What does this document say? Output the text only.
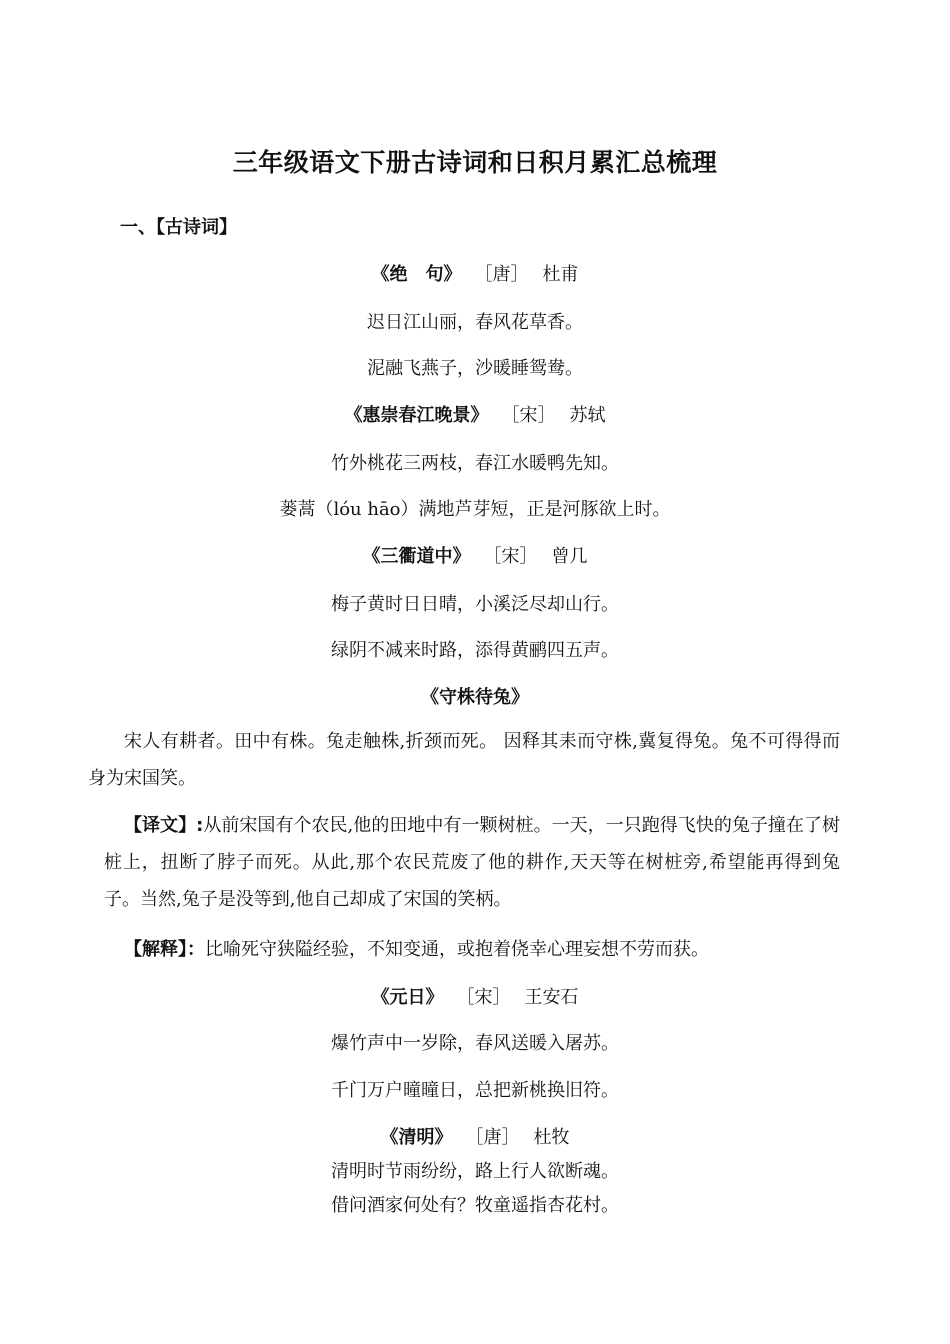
三年级语文下册古诗词和日积月累汇总梳理
一、【古诗词】
《绝　句》 ［唐］ 杜甫
迟日江山丽，春风花草香。
泥融飞燕子，沙暖睡鸳鸯。
《惠崇春江晚景》 ［宋］ 苏轼
竹外桃花三两枝，春江水暖鸭先知。
蒌蒿（lóu hāo）满地芦芽短，正是河豚欲上时。
《三衢道中》 ［宋］ 曾几
梅子黄时日日晴，小溪泛尽却山行。
绿阴不减来时路，添得黄鹂四五声。
《守株待兔》
宋人有耕者。田中有株。兔走触株,折颈而死。 因释其耒而守株,冀复得兔。兔不可得得而身为宋国笑。
【译文】:从前宋国有个农民,他的田地中有一颗树桩。一天，一只跑得飞快的兔子撞在了树桩上，扭断了脖子而死。从此,那个农民荒废了他的耕作,天天等在树桩旁,希望能再得到兔子。当然,兔子是没等到,他自己却成了宋国的笑柄。
【解释】：比喻死守狭隘经验，不知变通，或抱着侥幸心理妄想不劳而获。
《元日》 ［宋］ 王安石
爆竹声中一岁除，春风送暖入屠苏。
千门万户曈曈日，总把新桃换旧符。
《清明》 ［唐］ 杜牧
清明时节雨纷纷，路上行人欲断魂。
借问酒家何处有？牧童遥指杏花村。
